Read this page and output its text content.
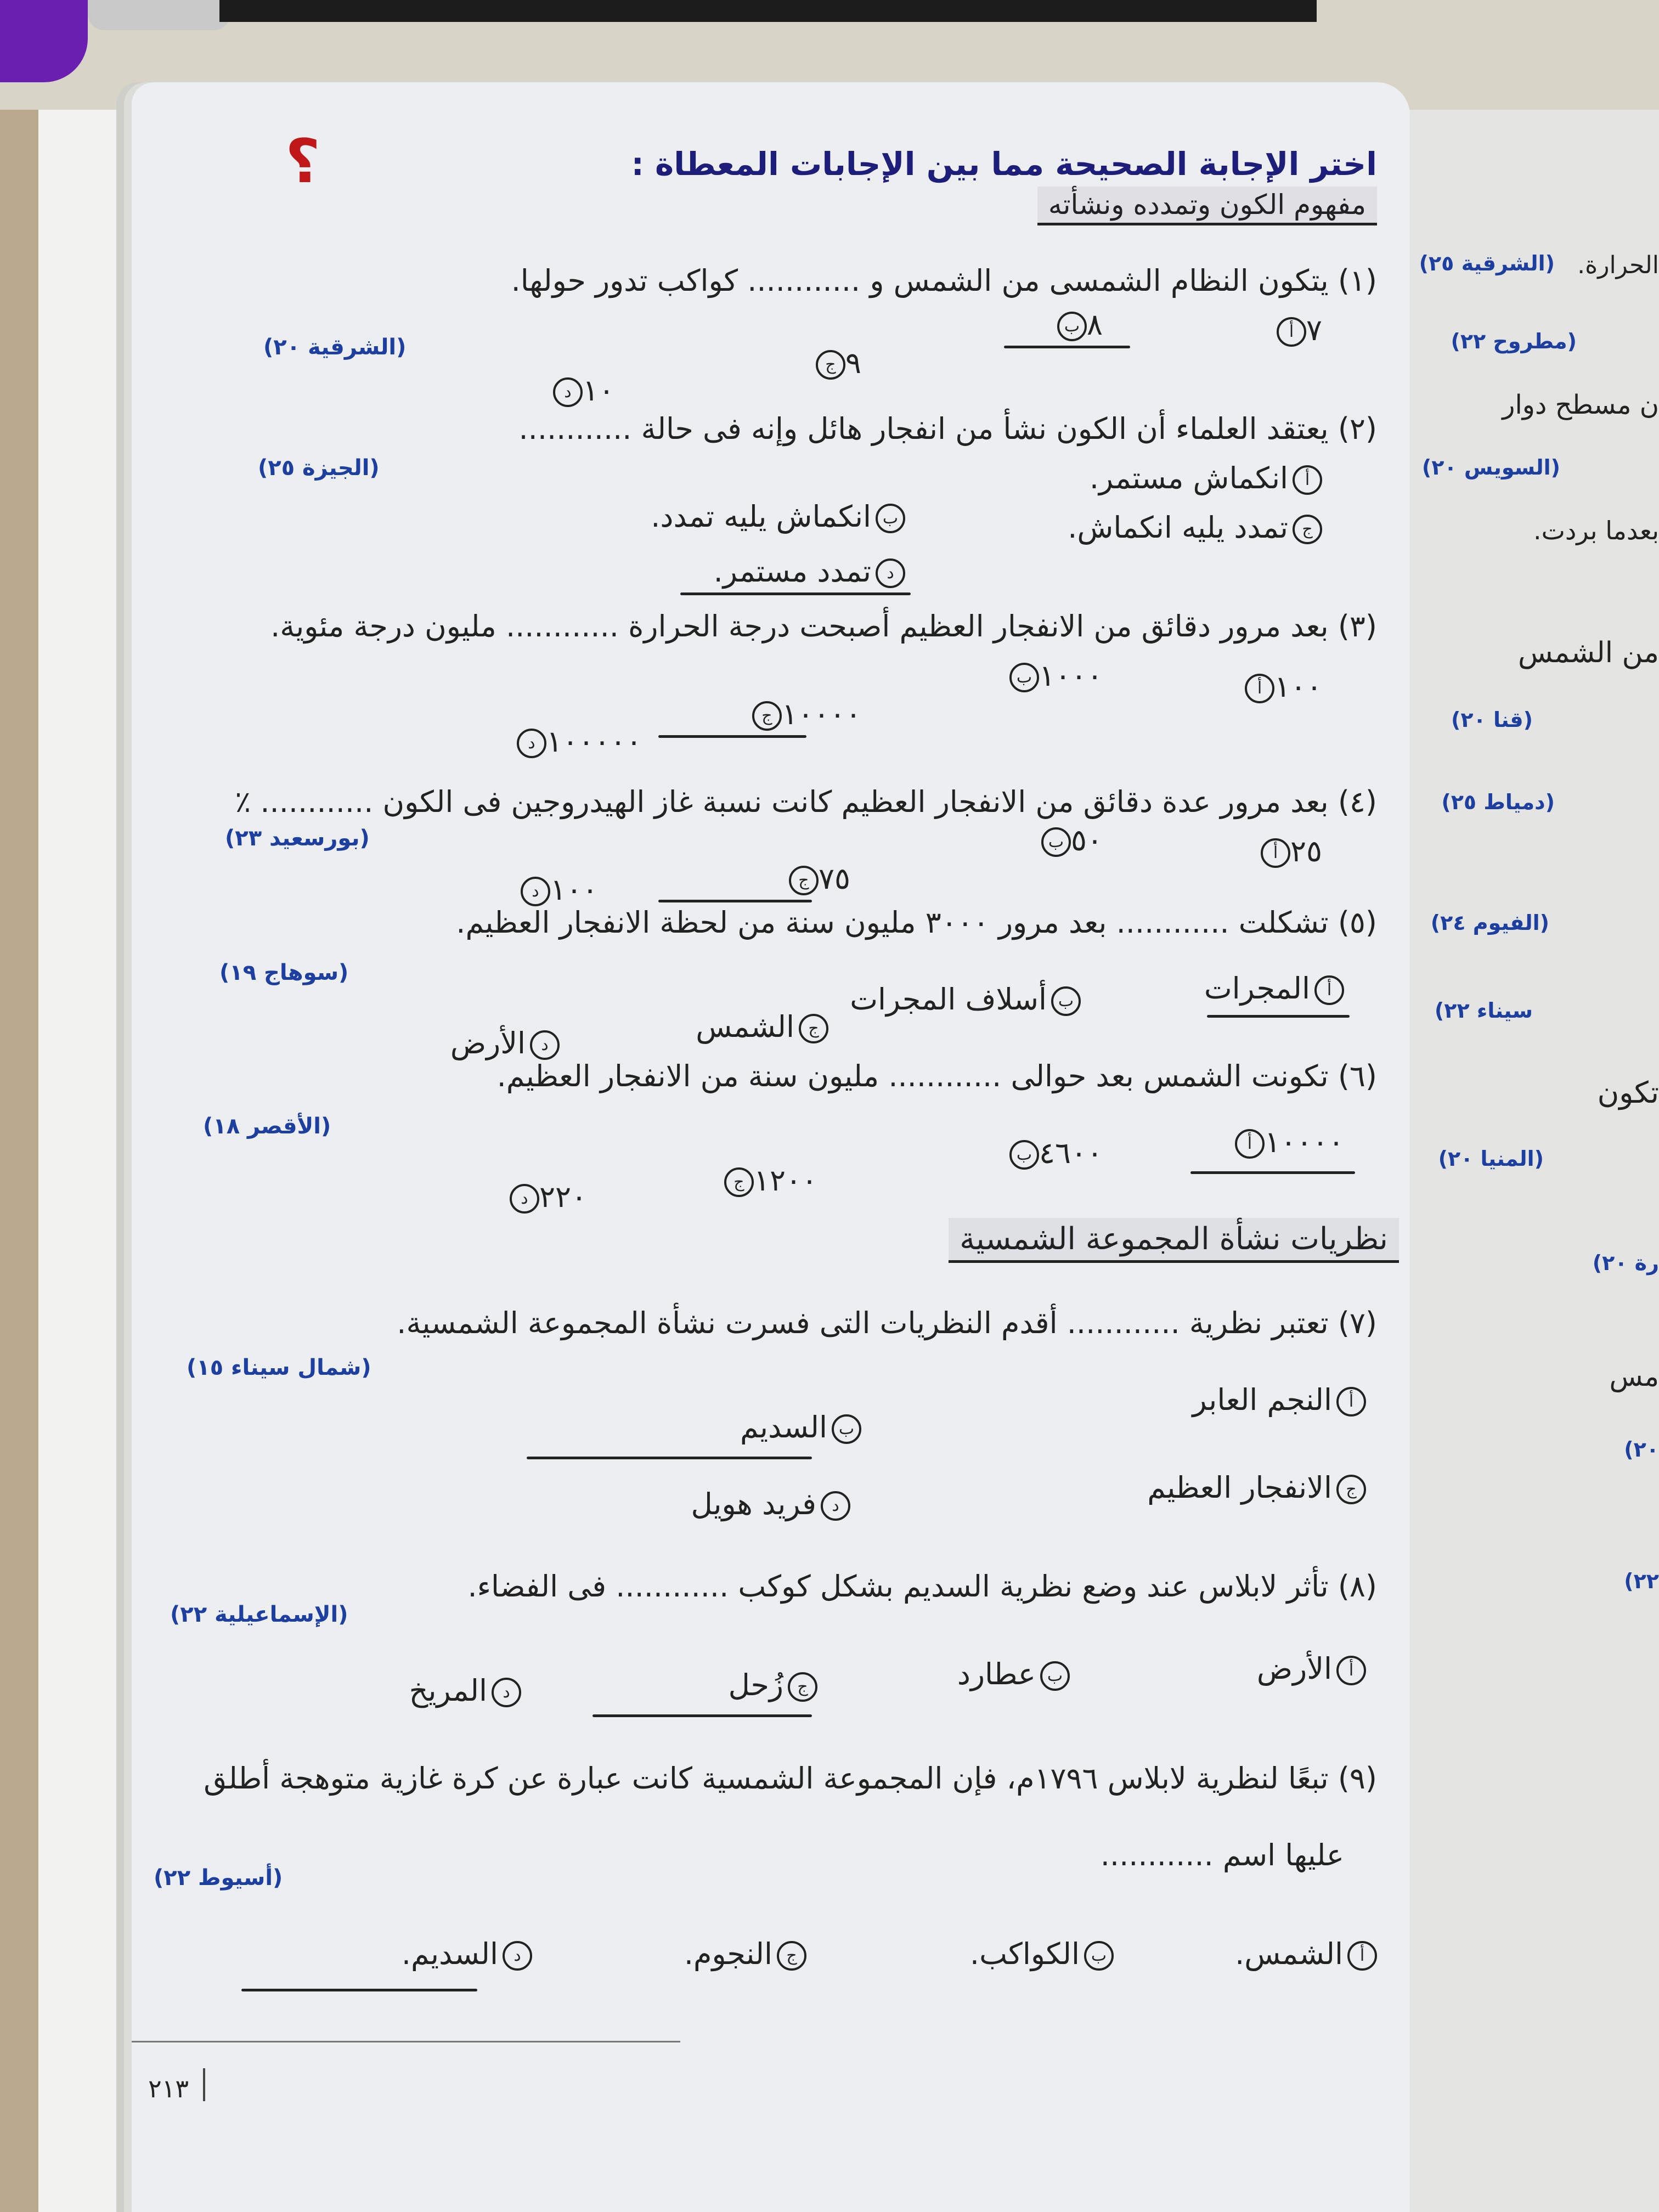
(الشرقية ٢٥) الحرارة.
(مطروح ٢٢)
ن مسطح دوار
(السويس ٢٠)
بعدما بردت.
من الشمس
(قنا ٢٠)
(دمياط ٢٥)
(الفيوم ٢٤)
سيناء ٢٢)
تكون
(المنيا ٢٠)
رة ٢٠)
مس
(٢٠
(٢٢
؟	اختر الإجابة الصحيحة مما بين الإجابات المعطاة :
مفهوم الكون وتمدده ونشأته
(١) يتكون النظام الشمسى من الشمس و ............ كواكب تدور حولها.
(الشرقية ٢٠)
أ ٧
ب ٨
ج ٩
د ١٠
(٢) يعتقد العلماء أن الكون نشأ من انفجار هائل وإنه فى حالة ............
(الجيزة ٢٥)	أانكماش مستمر.
بانكماش يليه تمدد.	جتمدد يليه انكماش.
دتمدد مستمر.
(٣) بعد مرور دقائق من الانفجار العظيم أصبحت درجة الحرارة ............ مليون درجة مئوية.
أ ١٠٠
ب ١٠٠٠
ج ١٠٠٠٠
د ١٠٠٠٠٠
(٤) بعد مرور عدة دقائق من الانفجار العظيم كانت نسبة غاز الهيدروجين فى الكون ............ ٪
(بورسعيد ٢٣)
أ ٢٥
ب ٥٠
ج ٧٥
د ١٠٠
(٥) تشكلت ............ بعد مرور ٣٠٠٠ مليون سنة من لحظة الانفجار العظيم.
(سوهاج ١٩)
أالمجرات
بأسلاف المجرات
جالشمس
دالأرض
(٦) تكونت الشمس بعد حوالى ............ مليون سنة من الانفجار العظيم.
(الأقصر ١٨)
أ ١٠٠٠٠
ب ٤٦٠٠
ج ١٢٠٠
د ٢٢٠
نظريات نشأة المجموعة الشمسية
(٧) تعتبر نظرية ............ أقدم النظريات التى فسرت نشأة المجموعة الشمسية.
(شمال سيناء ١٥)
أالنجم العابر
بالسديم
جالانفجار العظيم
دفريد هويل
(٨) تأثر لابلاس عند وضع نظرية السديم بشكل كوكب ............ فى الفضاء.
(الإسماعيلية ٢٢)
أالأرض
بعطارد
جزُحل
دالمريخ
(٩) تبعًا لنظرية لابلاس ١٧٩٦م، فإن المجموعة الشمسية كانت عبارة عن كرة غازية متوهجة أطلق
عليها اسم ............
(أسيوط ٢٢)
أالشمس.
بالكواكب.
جالنجوم.
دالسديم.
٢١٣
